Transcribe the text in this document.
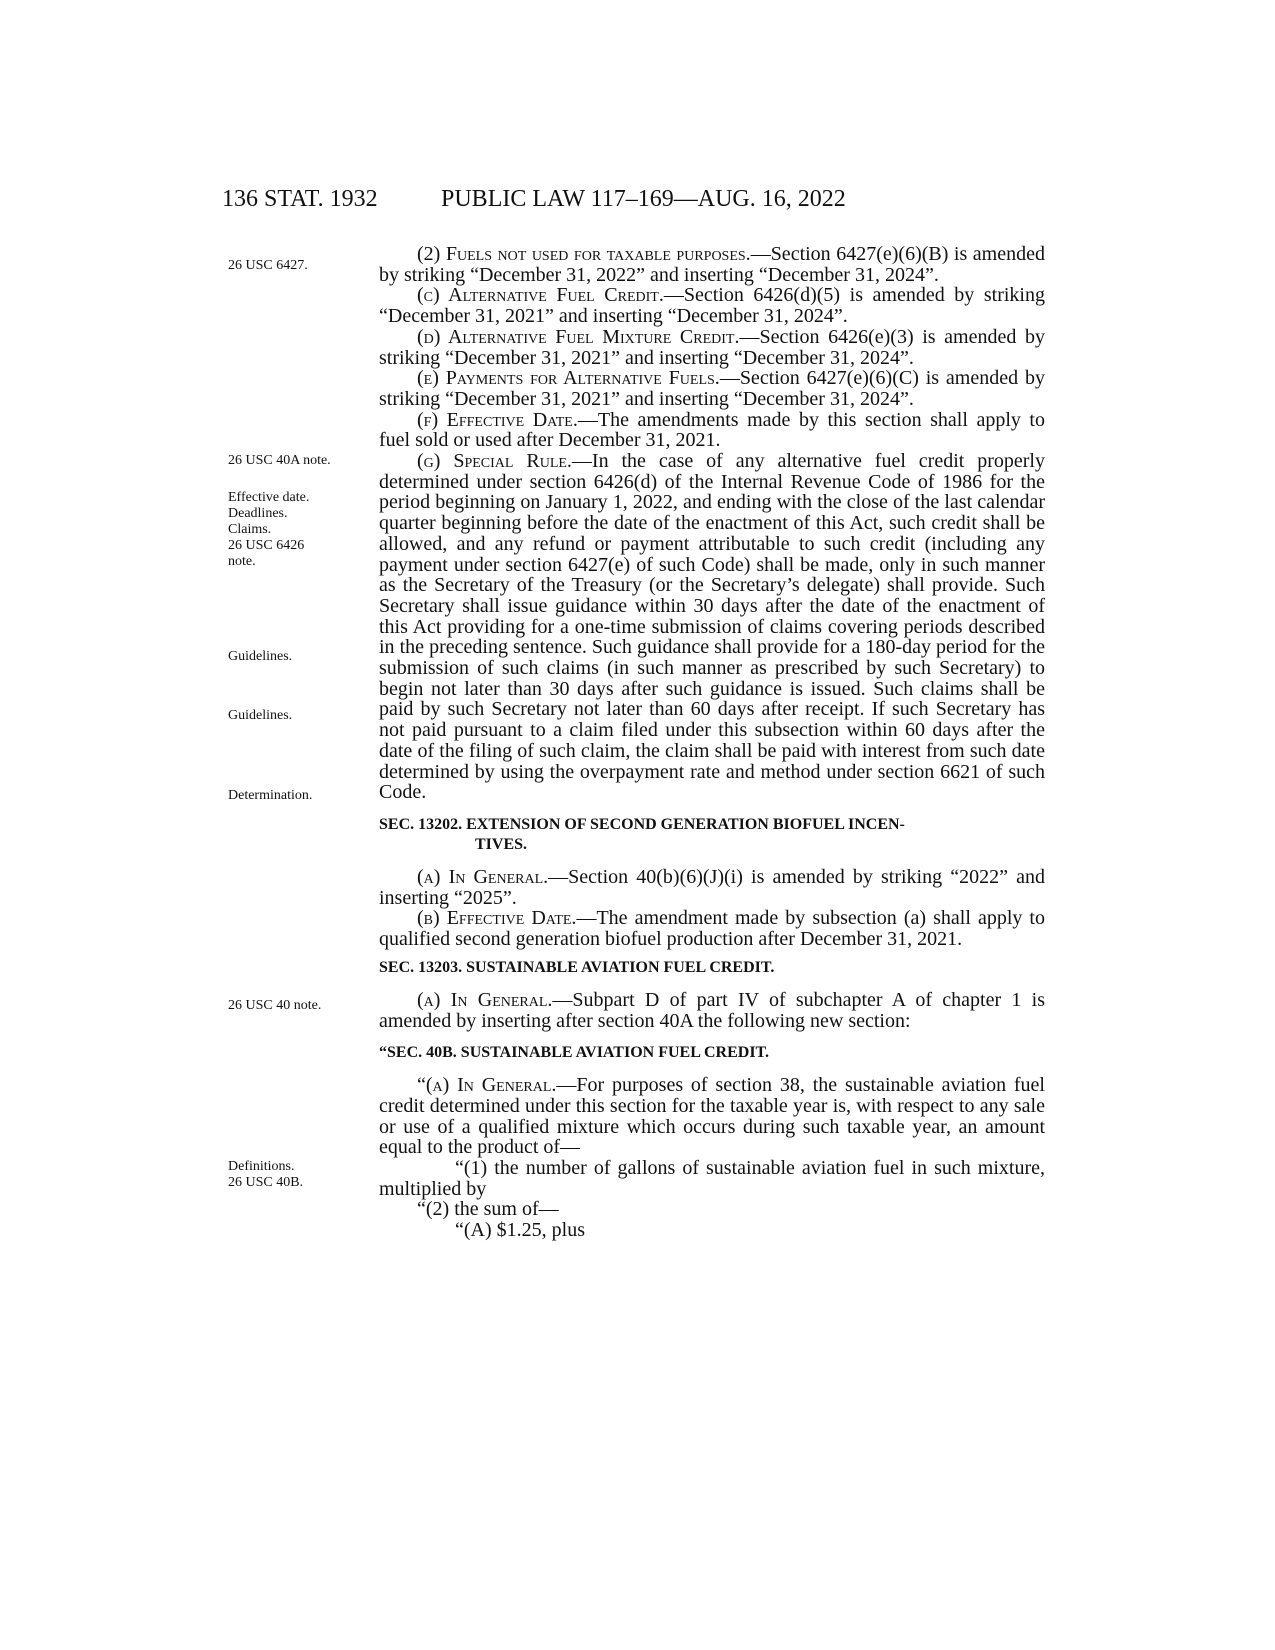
136 STAT. 1932	PUBLIC LAW 117–169—AUG. 16, 2022
26 USC 6427.
26 USC 40A note.
Effective date.
Deadlines.
Claims.
26 USC 6426
note.
Guidelines.
Guidelines.
Determination.
26 USC 40 note.
Definitions.
26 USC 40B.

(2) Fuels not used for taxable purposes.—Section 6427(e)(6)(B) is amended by striking “December 31, 2022” and inserting “December 31, 2024”.

(c) Alternative Fuel Credit.—Section 6426(d)(5) is amended by striking “December 31, 2021” and inserting “December 31, 2024”.

(d) Alternative Fuel Mixture Credit.—Section 6426(e)(3) is amended by striking “December 31, 2021” and inserting “December 31, 2024”.

(e) Payments for Alternative Fuels.—Section 6427(e)(6)(C) is amended by striking “December 31, 2021” and inserting “December 31, 2024”.

(f) Effective Date.—The amendments made by this section shall apply to fuel sold or used after December 31, 2021.

(g) Special Rule.—In the case of any alternative fuel credit properly determined under section 6426(d) of the Internal Revenue Code of 1986 for the period beginning on January 1, 2022, and ending with the close of the last calendar quarter beginning before the date of the enactment of this Act, such credit shall be allowed, and any refund or payment attributable to such credit (including any payment under section 6427(e) of such Code) shall be made, only in such manner as the Secretary of the Treasury (or the Secretary’s delegate) shall provide. Such Secretary shall issue guidance within 30 days after the date of the enactment of this Act providing for a one-time submission of claims covering periods described in the preceding sentence. Such guidance shall provide for a 180-day period for the submission of such claims (in such manner as prescribed by such Secretary) to begin not later than 30 days after such guidance is issued. Such claims shall be paid by such Secretary not later than 60 days after receipt. If such Secretary has not paid pursuant to a claim filed under this subsection within 60 days after the date of the filing of such claim, the claim shall be paid with interest from such date determined by using the overpayment rate and method under section 6621 of such Code.

SEC. 13202. EXTENSION OF SECOND GENERATION BIOFUEL INCEN-
TIVES.

(a) In General.—Section 40(b)(6)(J)(i) is amended by striking “2022” and inserting “2025”.

(b) Effective Date.—The amendment made by subsection (a) shall apply to qualified second generation biofuel production after December 31, 2021.

SEC. 13203. SUSTAINABLE AVIATION FUEL CREDIT.

(a) In General.—Subpart D of part IV of subchapter A of chapter 1 is amended by inserting after section 40A the following new section:

“SEC. 40B. SUSTAINABLE AVIATION FUEL CREDIT.

“(a) In General.—For purposes of section 38, the sustainable aviation fuel credit determined under this section for the taxable year is, with respect to any sale or use of a qualified mixture which occurs during such taxable year, an amount equal to the product of—

“(1) the number of gallons of sustainable aviation fuel in such mixture, multiplied by

“(2) the sum of—

“(A) $1.25, plus
